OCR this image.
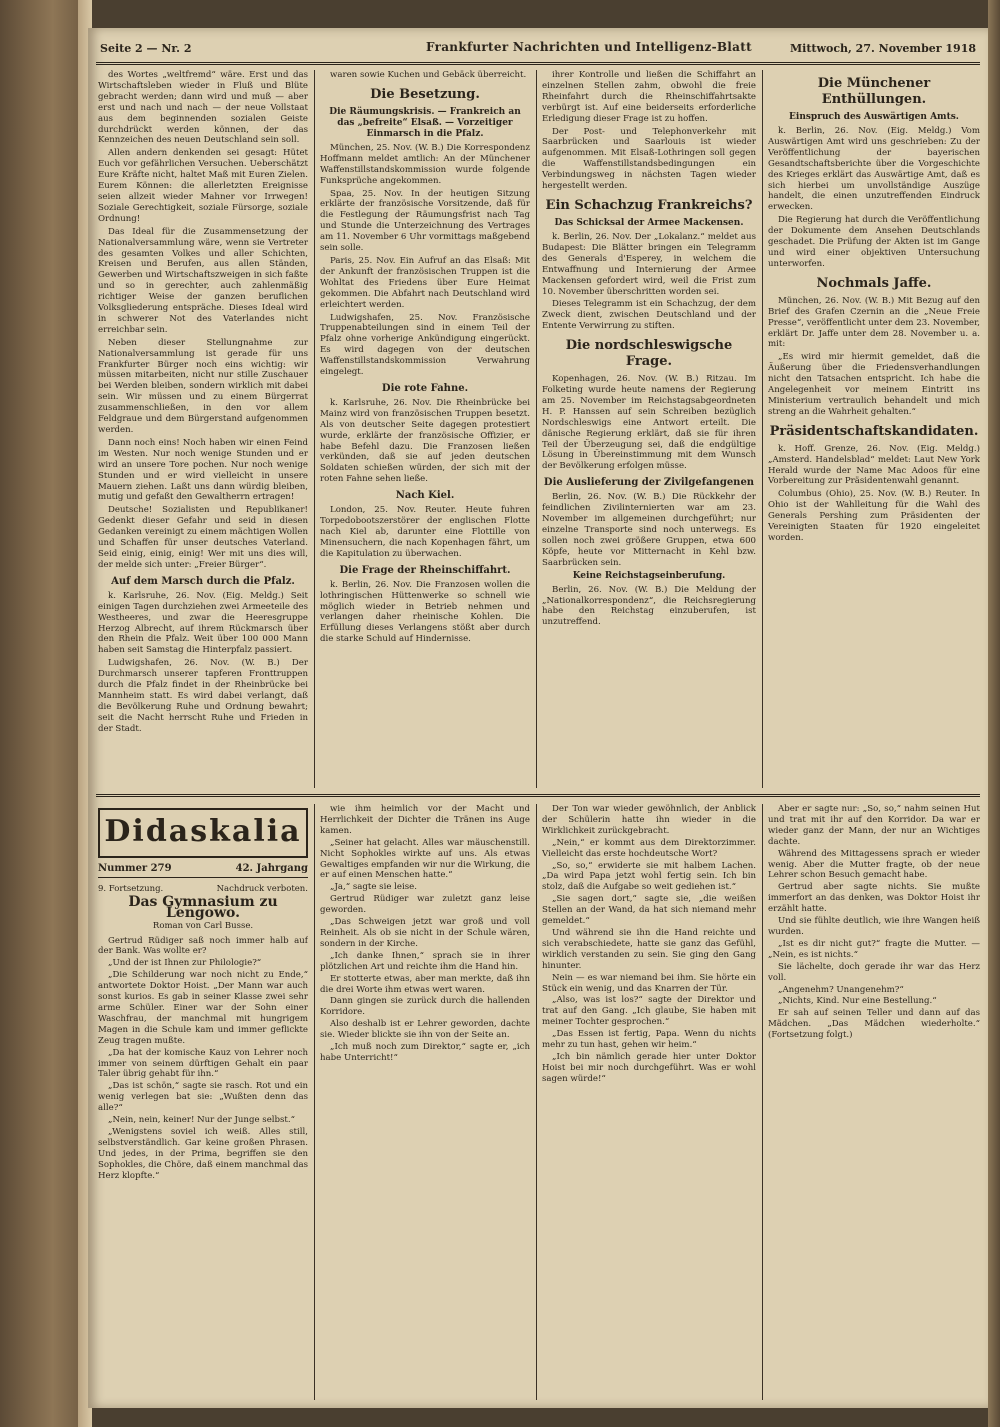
Seite 2 — Nr. 2	Frankfurter Nachrichten und Intelligenz-Blatt	Mittwoch, 27. November 1918

des Wortes „weltfremd“ wäre. Erst und das Wirtschaftsleben wieder in Fluß und Blüte gebracht werden; dann wird und muß — aber erst und nach und nach — der neue Vollstaat aus dem beginnenden sozialen Geiste durchdrückt werden können, der das Kennzeichen des neuen Deutschland sein soll.

Allen andern denkenden sei gesagt: Hütet Euch vor gefährlichen Versuchen. Ueberschätzt Eure Kräfte nicht, haltet Maß mit Euren Zielen. Eurem Können: die allerletzten Ereignisse seien allzeit wieder Mahner vor Irrwegen! Soziale Gerechtigkeit, soziale Fürsorge, soziale Ordnung!

Das Ideal für die Zusammensetzung der Nationalversammlung wäre, wenn sie Vertreter des gesamten Volkes und aller Schichten, Kreisen und Berufen, aus allen Ständen, Gewerben und Wirtschaftszweigen in sich faßte und so in gerechter, auch zahlenmäßig richtiger Weise der ganzen beruflichen Volksgliederung entspräche. Dieses Ideal wird in schwerer Not des Vaterlandes nicht erreichbar sein.

Neben dieser Stellungnahme zur Nationalversammlung ist gerade für uns Frankfurter Bürger noch eins wichtig: wir müssen mitarbeiten, nicht nur stille Zuschauer bei Werden bleiben, sondern wirklich mit dabei sein. Wir müssen und zu einem Bürgerrat zusammenschließen, in den vor allem Feldgraue und dem Bürgerstand aufgenommen werden.

Dann noch eins! Noch haben wir einen Feind im Westen. Nur noch wenige Stunden und er wird an unsere Tore pochen. Nur noch wenige Stunden und er wird vielleicht in unsere Mauern ziehen. Laßt uns dann würdig bleiben, mutig und gefaßt den Gewaltherrn ertragen!

Deutsche! Sozialisten und Republikaner! Gedenkt dieser Gefahr und seid in diesen Gedanken vereinigt zu einem mächtigen Wollen und Schaffen für unser deutsches Vaterland. Seid einig, einig, einig! Wer mit uns dies will, der melde sich unter: „Freier Bürger“.

Auf dem Marsch durch die Pfalz.

k. Karlsruhe, 26. Nov. (Eig. Meldg.) Seit einigen Tagen durchziehen zwei Armeeteile des Westheeres, und zwar die Heeresgruppe Herzog Albrecht, auf ihrem Rückmarsch über den Rhein die Pfalz. Weit über 100 000 Mann haben seit Samstag die Hinterpfalz passiert.

Ludwigshafen, 26. Nov. (W. B.) Der Durchmarsch unserer tapferen Fronttruppen durch die Pfalz findet in der Rheinbrücke bei Mannheim statt. Es wird dabei verlangt, daß die Bevölkerung Ruhe und Ordnung bewahrt; seit die Nacht herrscht Ruhe und Frieden in der Stadt.

waren sowie Kuchen und Gebäck überreicht.

Die Besetzung.
Die Räumungskrisis. — Frankreich an das „befreite“ Elsaß. — Vorzeitiger Einmarsch in die Pfalz.

München, 25. Nov. (W. B.) Die Korrespondenz Hoffmann meldet amtlich: An der Münchener Waffenstillstandskommission wurde folgende Funksprüche angekommen.

Spaa, 25. Nov. In der heutigen Sitzung erklärte der französische Vorsitzende, daß für die Festlegung der Räumungsfrist nach Tag und Stunde die Unterzeichnung des Vertrages am 11. November 6 Uhr vormittags maßgebend sein solle.

Paris, 25. Nov. Ein Aufruf an das Elsaß: Mit der Ankunft der französischen Truppen ist die Wohltat des Friedens über Eure Heimat gekommen. Die Abfahrt nach Deutschland wird erleichtert werden.

Ludwigshafen, 25. Nov. Französische Truppenabteilungen sind in einem Teil der Pfalz ohne vorherige Ankündigung eingerückt. Es wird dagegen von der deutschen Waffenstillstandskommission Verwahrung eingelegt.

Die rote Fahne.

k. Karlsruhe, 26. Nov. Die Rheinbrücke bei Mainz wird von französischen Truppen besetzt. Als von deutscher Seite dagegen protestiert wurde, erklärte der französische Offizier, er habe Befehl dazu. Die Franzosen ließen verkünden, daß sie auf jeden deutschen Soldaten schießen würden, der sich mit der roten Fahne sehen ließe.

Nach Kiel.

London, 25. Nov. Reuter. Heute fuhren Torpedobootszerstörer der englischen Flotte nach Kiel ab, darunter eine Flottille von Minensuchern, die nach Kopenhagen fährt, um die Kapitulation zu überwachen.

Die Frage der Rheinschiffahrt.

k. Berlin, 26. Nov. Die Franzosen wollen die lothringischen Hüttenwerke so schnell wie möglich wieder in Betrieb nehmen und verlangen daher rheinische Kohlen. Die Erfüllung dieses Verlangens stößt aber durch die starke Schuld auf Hindernisse.

ihrer Kontrolle und ließen die Schiffahrt an einzelnen Stellen zahm, obwohl die freie Rheinfahrt durch die Rheinschiffahrtsakte verbürgt ist. Auf eine beiderseits erforderliche Erledigung dieser Frage ist zu hoffen.

Der Post- und Telephonverkehr mit Saarbrücken und Saarlouis ist wieder aufgenommen. Mit Elsaß-Lothringen soll gegen die Waffenstillstandsbedingungen ein Verbindungsweg in nächsten Tagen wieder hergestellt werden.

Ein Schachzug Frankreichs?
Das Schicksal der Armee Mackensen.

k. Berlin, 26. Nov. Der „Lokalanz.“ meldet aus Budapest: Die Blätter bringen ein Telegramm des Generals d'Esperey, in welchem die Entwaffnung und Internierung der Armee Mackensen gefordert wird, weil die Frist zum 10. November überschritten worden sei.

Dieses Telegramm ist ein Schachzug, der dem Zweck dient, zwischen Deutschland und der Entente Verwirrung zu stiften.

Die nordschleswigsche Frage.

Kopenhagen, 26. Nov. (W. B.) Ritzau. Im Folketing wurde heute namens der Regierung am 25. November im Reichstagsabgeordneten H. P. Hanssen auf sein Schreiben bezüglich Nordschleswigs eine Antwort erteilt. Die dänische Regierung erklärt, daß sie für ihren Teil der Überzeugung sei, daß die endgültige Lösung in Übereinstimmung mit dem Wunsch der Bevölkerung erfolgen müsse.

Die Auslieferung der Zivilgefangenen

Berlin, 26. Nov. (W. B.) Die Rückkehr der feindlichen Zivilinternierten war am 23. November im allgemeinen durchgeführt; nur einzelne Transporte sind noch unterwegs. Es sollen noch zwei größere Gruppen, etwa 600 Köpfe, heute vor Mitternacht in Kehl bzw. Saarbrücken sein.

Keine Reichstagseinberufung.

Berlin, 26. Nov. (W. B.) Die Meldung der „Nationalkorrespondenz“, die Reichsregierung habe den Reichstag einzuberufen, ist unzutreffend.

Die Münchener Enthüllungen.
Einspruch des Auswärtigen Amts.

k. Berlin, 26. Nov. (Eig. Meldg.) Vom Auswärtigen Amt wird uns geschrieben: Zu der Veröffentlichung der bayerischen Gesandtschaftsberichte über die Vorgeschichte des Krieges erklärt das Auswärtige Amt, daß es sich hierbei um unvollständige Auszüge handelt, die einen unzutreffenden Eindruck erwecken.

Die Regierung hat durch die Veröffentlichung der Dokumente dem Ansehen Deutschlands geschadet. Die Prüfung der Akten ist im Gange und wird einer objektiven Untersuchung unterworfen.

Nochmals Jaffe.

München, 26. Nov. (W. B.) Mit Bezug auf den Brief des Grafen Czernin an die „Neue Freie Presse“, veröffentlicht unter dem 23. November, erklärt Dr. Jaffe unter dem 28. November u. a. mit:

„Es wird mir hiermit gemeldet, daß die Äußerung über die Friedensverhandlungen nicht den Tatsachen entspricht. Ich habe die Angelegenheit vor meinem Eintritt ins Ministerium vertraulich behandelt und mich streng an die Wahrheit gehalten.“

Präsidentschaftskandidaten.

k. Hoff. Grenze, 26. Nov. (Eig. Meldg.) „Amsterd. Handelsblad“ meldet: Laut New York Herald wurde der Name Mac Adoos für eine Vorbereitung zur Präsidentenwahl genannt.

Columbus (Ohio), 25. Nov. (W. B.) Reuter. In Ohio ist der Wahlleitung für die Wahl des Generals Pershing zum Präsidenten der Vereinigten Staaten für 1920 eingeleitet worden.

Didaskalia
Nummer 279	42. Jahrgang
9. Fortsetzung.	Nachdruck verboten.
Das Gymnasium zu Lengowo.
Roman von Carl Busse.

Gertrud Rüdiger saß noch immer halb auf der Bank. Was wollte er?

„Und der ist Ihnen zur Philologie?“

„Die Schilderung war noch nicht zu Ende,“ antwortete Doktor Hoist. „Der Mann war auch sonst kurios. Es gab in seiner Klasse zwei sehr arme Schüler. Einer war der Sohn einer Waschfrau, der manchmal mit hungrigem Magen in die Schule kam und immer geflickte Zeug tragen mußte.

„Da hat der komische Kauz von Lehrer noch immer von seinem dürftigen Gehalt ein paar Taler übrig gehabt für ihn.“

„Das ist schön,“ sagte sie rasch. Rot und ein wenig verlegen bat sie: „Wußten denn das alle?“

„Nein, nein, keiner! Nur der Junge selbst.“

„Wenigstens soviel ich weiß. Alles still, selbstverständlich. Gar keine großen Phrasen. Und jedes, in der Prima, begriffen sie den Sophokles, die Chöre, daß einem manchmal das Herz klopfte.“

wie ihm heimlich vor der Macht und Herrlichkeit der Dichter die Tränen ins Auge kamen.

„Seiner hat gelacht. Alles war mäuschenstill. Nicht Sophokles wirkte auf uns. Als etwas Gewaltiges empfanden wir nur die Wirkung, die er auf einen Menschen hatte.“

„Ja,“ sagte sie leise.

Gertrud Rüdiger war zuletzt ganz leise geworden.

„Das Schweigen jetzt war groß und voll Reinheit. Als ob sie nicht in der Schule wären, sondern in der Kirche.

„Ich danke Ihnen,“ sprach sie in ihrer plötzlichen Art und reichte ihm die Hand hin.

Er stotterte etwas, aber man merkte, daß ihn die drei Worte ihm etwas wert waren.

Dann gingen sie zurück durch die hallenden Korridore.

Also deshalb ist er Lehrer geworden, dachte sie. Wieder blickte sie ihn von der Seite an.

„Ich muß noch zum Direktor,“ sagte er, „ich habe Unterricht!“

Der Ton war wieder gewöhnlich, der Anblick der Schülerin hatte ihn wieder in die Wirklichkeit zurückgebracht.

„Nein,“ er kommt aus dem Direktorzimmer. Vielleicht das erste hochdeutsche Wort?

„So, so,“ erwiderte sie mit halbem Lachen. „Da wird Papa jetzt wohl fertig sein. Ich bin stolz, daß die Aufgabe so weit gediehen ist.“

„Sie sagen dort,“ sagte sie, „die weißen Stellen an der Wand, da hat sich niemand mehr gemeldet.“

Und während sie ihn die Hand reichte und sich verabschiedete, hatte sie ganz das Gefühl, wirklich verstanden zu sein. Sie ging den Gang hinunter.

Nein — es war niemand bei ihm. Sie hörte ein Stück ein wenig, und das Knarren der Tür.

„Also, was ist los?“ sagte der Direktor und trat auf den Gang. „Ich glaube, Sie haben mit meiner Tochter gesprochen.“

„Das Essen ist fertig, Papa. Wenn du nichts mehr zu tun hast, gehen wir heim.“

„Ich bin nämlich gerade hier unter Doktor Hoist bei mir noch durchgeführt. Was er wohl sagen würde!“

Aber er sagte nur: „So, so,“ nahm seinen Hut und trat mit ihr auf den Korridor. Da war er wieder ganz der Mann, der nur an Wichtiges dachte.

Während des Mittagessens sprach er wieder wenig. Aber die Mutter fragte, ob der neue Lehrer schon Besuch gemacht habe.

Gertrud aber sagte nichts. Sie mußte immerfort an das denken, was Doktor Hoist ihr erzählt hatte.

Und sie fühlte deutlich, wie ihre Wangen heiß wurden.

„Ist es dir nicht gut?“ fragte die Mutter. — „Nein, es ist nichts.“

Sie lächelte, doch gerade ihr war das Herz voll.

„Angenehm? Unangenehm?“

„Nichts, Kind. Nur eine Bestellung.“

Er sah auf seinen Teller und dann auf das Mädchen. „Das Mädchen wiederholte.“ (Fortsetzung folgt.)
